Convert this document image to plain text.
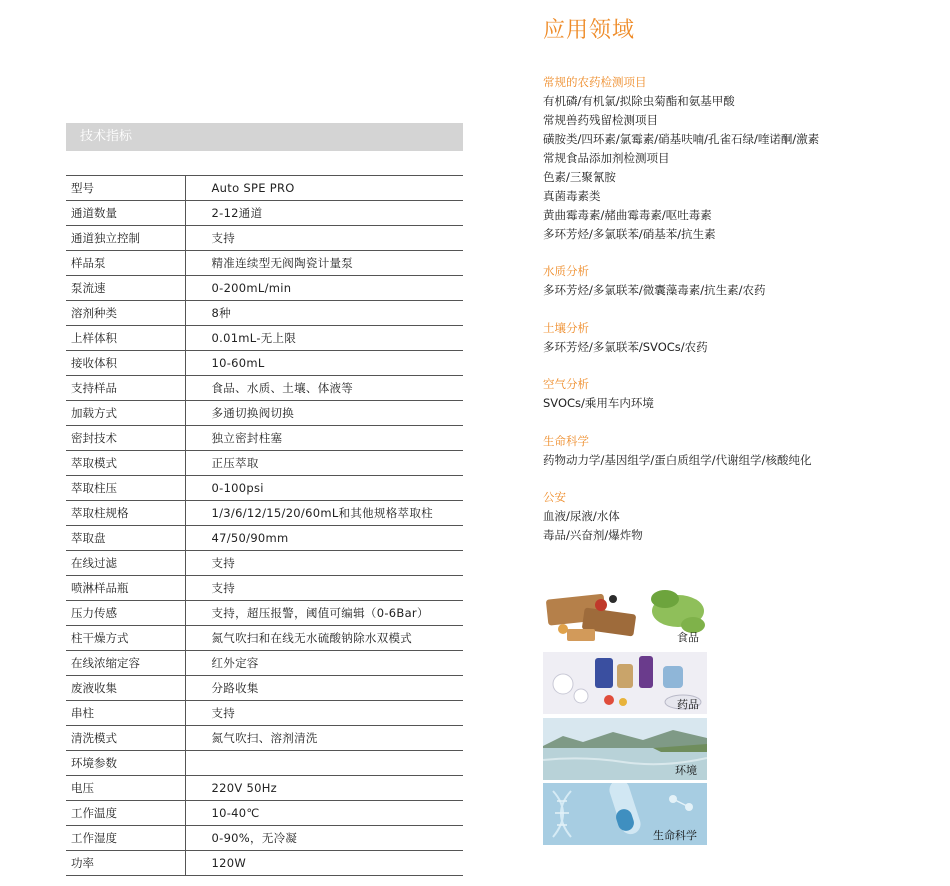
技术指标
型号	Auto SPE PRO
通道数量	2-12通道
通道独立控制	支持
样品泵	精准连续型无阀陶瓷计量泵
泵流速	0-200mL/min
溶剂种类	8种
上样体积	0.01mL-无上限
接收体积	10-60mL
支持样品	食品、水质、土壤、体液等
加载方式	多通切换阀切换
密封技术	独立密封柱塞
萃取模式	正压萃取
萃取柱压	0-100psi
萃取柱规格	1/3/6/12/15/20/60mL和其他规格萃取柱
萃取盘	47/50/90mm
在线过滤	支持
喷淋样品瓶	支持
压力传感	支持，超压报警，阈值可编辑（0-6Bar）
柱干燥方式	氮气吹扫和在线无水硫酸钠除水双模式
在线浓缩定容	红外定容
废液收集	分路收集
串柱	支持
清洗模式	氮气吹扫、溶剂清洗
环境参数	
电压	220V 50Hz
工作温度	10-40℃
工作湿度	0-90%，无冷凝
功率	120W
应用领域
常规的农药检测项目
有机磷/有机氯/拟除虫菊酯和氨基甲酸
常规兽药残留检测项目
磺胺类/四环素/氯霉素/硝基呋喃/孔雀石绿/喹诺酮/激素
常规食品添加剂检测项目
色素/三聚氰胺
真菌毒素类
黄曲霉毒素/赭曲霉毒素/呕吐毒素
多环芳烃/多氯联苯/硝基苯/抗生素
水质分析
多环芳烃/多氯联苯/微囊藻毒素/抗生素/农药
土壤分析
多环芳烃/多氯联苯/SVOCs/农药
空气分析
SVOCs/乘用车内环境
生命科学
药物动力学/基因组学/蛋白质组学/代谢组学/核酸纯化
公安
血液/尿液/水体
毒品/兴奋剂/爆炸物
食品
药品
环境
生命科学
